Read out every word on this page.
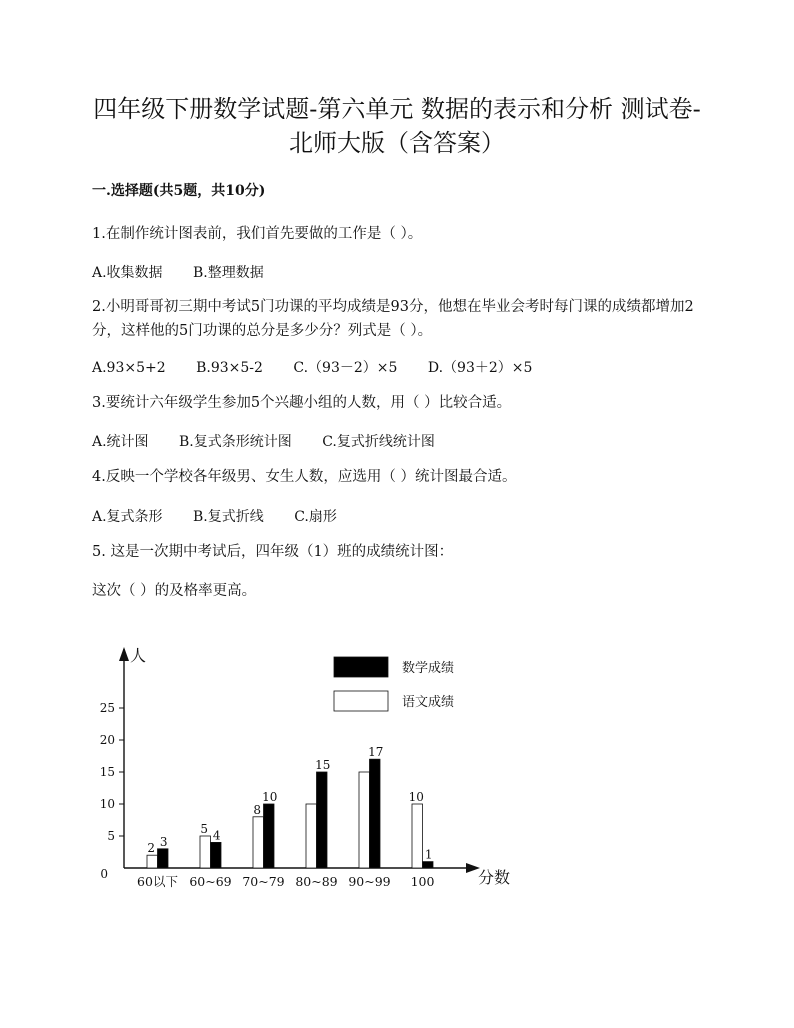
四年级下册数学试题-第六单元 数据的表示和分析 测试卷-
北师大版（含答案）
一.选择题(共5题，共10分)
1.在制作统计图表前，我们首先要做的工作是（ ）。
A.收集数据 B.整理数据
2.小明哥哥初三期中考试5门功课的平均成绩是93分，他想在毕业会考时每门课的成绩都增加2分，这样他的5门功课的总分是多少分？列式是（ ）。
A.93×5+2 B.93×5-2 C.（93－2）×5 D.（93＋2）×5
3.要统计六年级学生参加5个兴趣小组的人数，用（ ）比较合适。
A.统计图 B.复式条形统计图 C.复式折线统计图
4.反映一个学校各年级男、女生人数，应选用（ ）统计图最合适。
A.复式条形 B.复式折线 C.扇形
5. 这是一次期中考试后，四年级（1）班的成绩统计图：
这次（ ）的及格率更高。
人
分数
0
5
10
15
20
25
2 3
60以下
5 4
60~69
8
10
70~79
15
80~89
17
90~99
10
1
100
数学成绩
语文成绩
